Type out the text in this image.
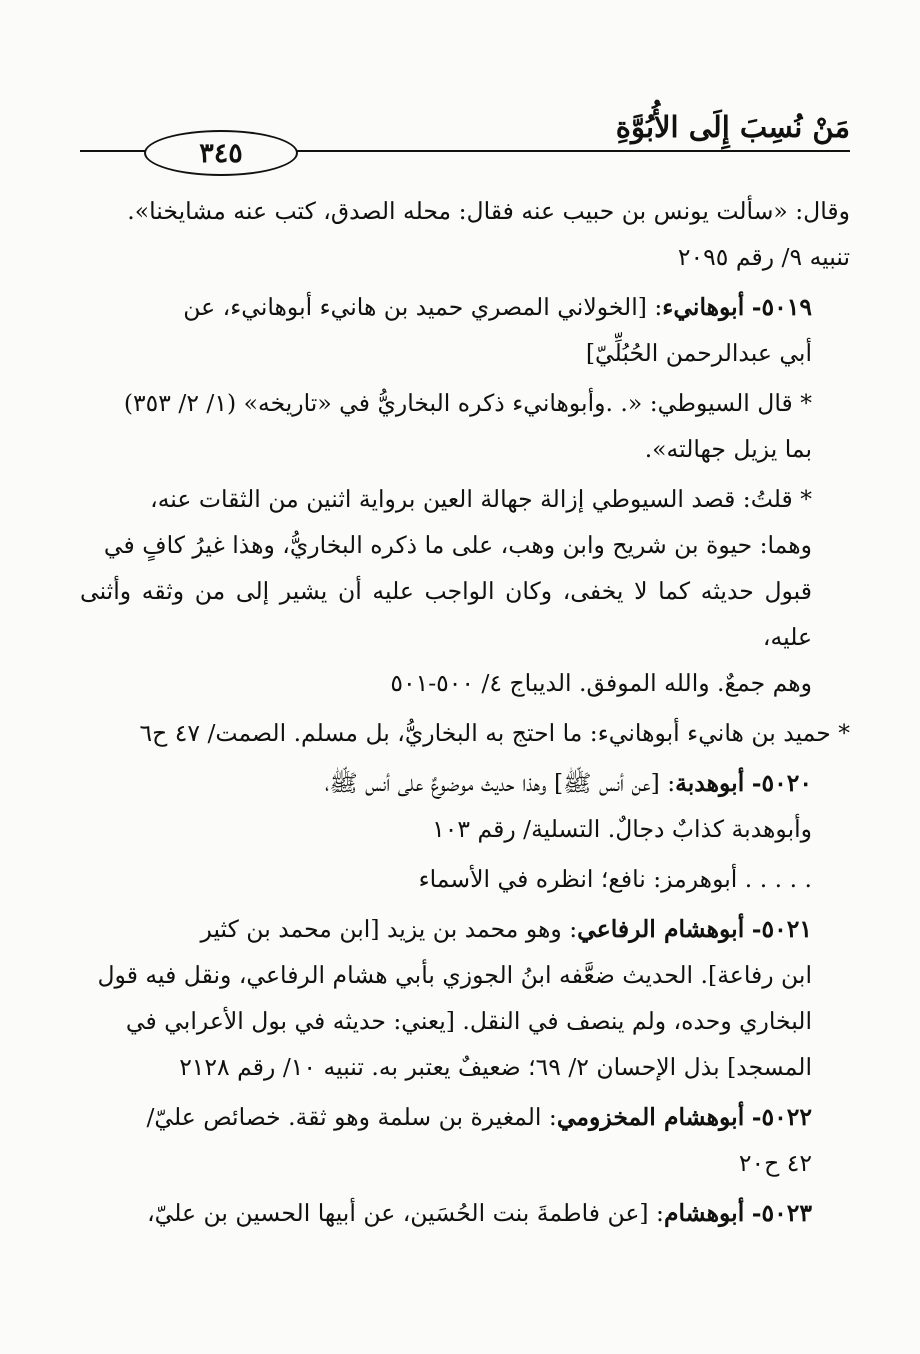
مَنْ نُسِبَ إِلَى الأُبُوَّةِ
٣٤٥

وقال: «سألت يونس بن حبيب عنه فقال: محله الصدق، كتب عنه مشايخنا».
تنبيه ٩/ رقم ٢٠٩٥

٥٠١٩- أبوهانيء: [الخولاني المصري حميد بن هانيء أبوهانيء، عن
أبي عبدالرحمن الحُبُلِّيّ]

* قال السيوطي: «. .وأبوهانيء ذكره البخاريُّ في «تاريخه» (١/ ٢/ ٣٥٣)
بما يزيل جهالته».

* قلتُ: قصد السيوطي إزالة جهالة العين برواية اثنين من الثقات عنه،
وهما: حيوة بن شريح وابن وهب، على ما ذكره البخاريُّ، وهذا غيرُ كافٍ في
قبول حديثه كما لا يخفى، وكان الواجب عليه أن يشير إلى من وثقه وأثنى عليه،
وهم جمعٌ. والله الموفق. الديباج ٤/ ٥٠٠-٥٠١

* حميد بن هانيء أبوهانيء: ما احتج به البخاريُّ، بل مسلم. الصمت/ ٤٧ ح٦

٥٠٢٠- أبوهدبة: [عن أنس ﷺ] وهذا حديث موضوعٌ على أنس ﷺ،
وأبوهدبة كذابٌ دجالٌ. التسلية/ رقم ١٠٣

. . . . . أبوهرمز: نافع؛ انظره في الأسماء

٥٠٢١- أبوهشام الرفاعي: وهو محمد بن يزيد [ابن محمد بن كثير
ابن رفاعة]. الحديث ضعَّفه ابنُ الجوزي بأبي هشام الرفاعي، ونقل فيه قول
البخاري وحده، ولم ينصف في النقل. [يعني: حديثه في بول الأعرابي في
المسجد] بذل الإحسان ٢/ ٦٩؛ ضعيفٌ يعتبر به. تنبيه ١٠/ رقم ٢١٢٨

٥٠٢٢- أبوهشام المخزومي: المغيرة بن سلمة وهو ثقة. خصائص عليّ/
٤٢ ح٢٠

٥٠٢٣- أبوهشام: [عن فاطمةَ بنت الحُسَين، عن أبيها الحسين بن عليّ،
